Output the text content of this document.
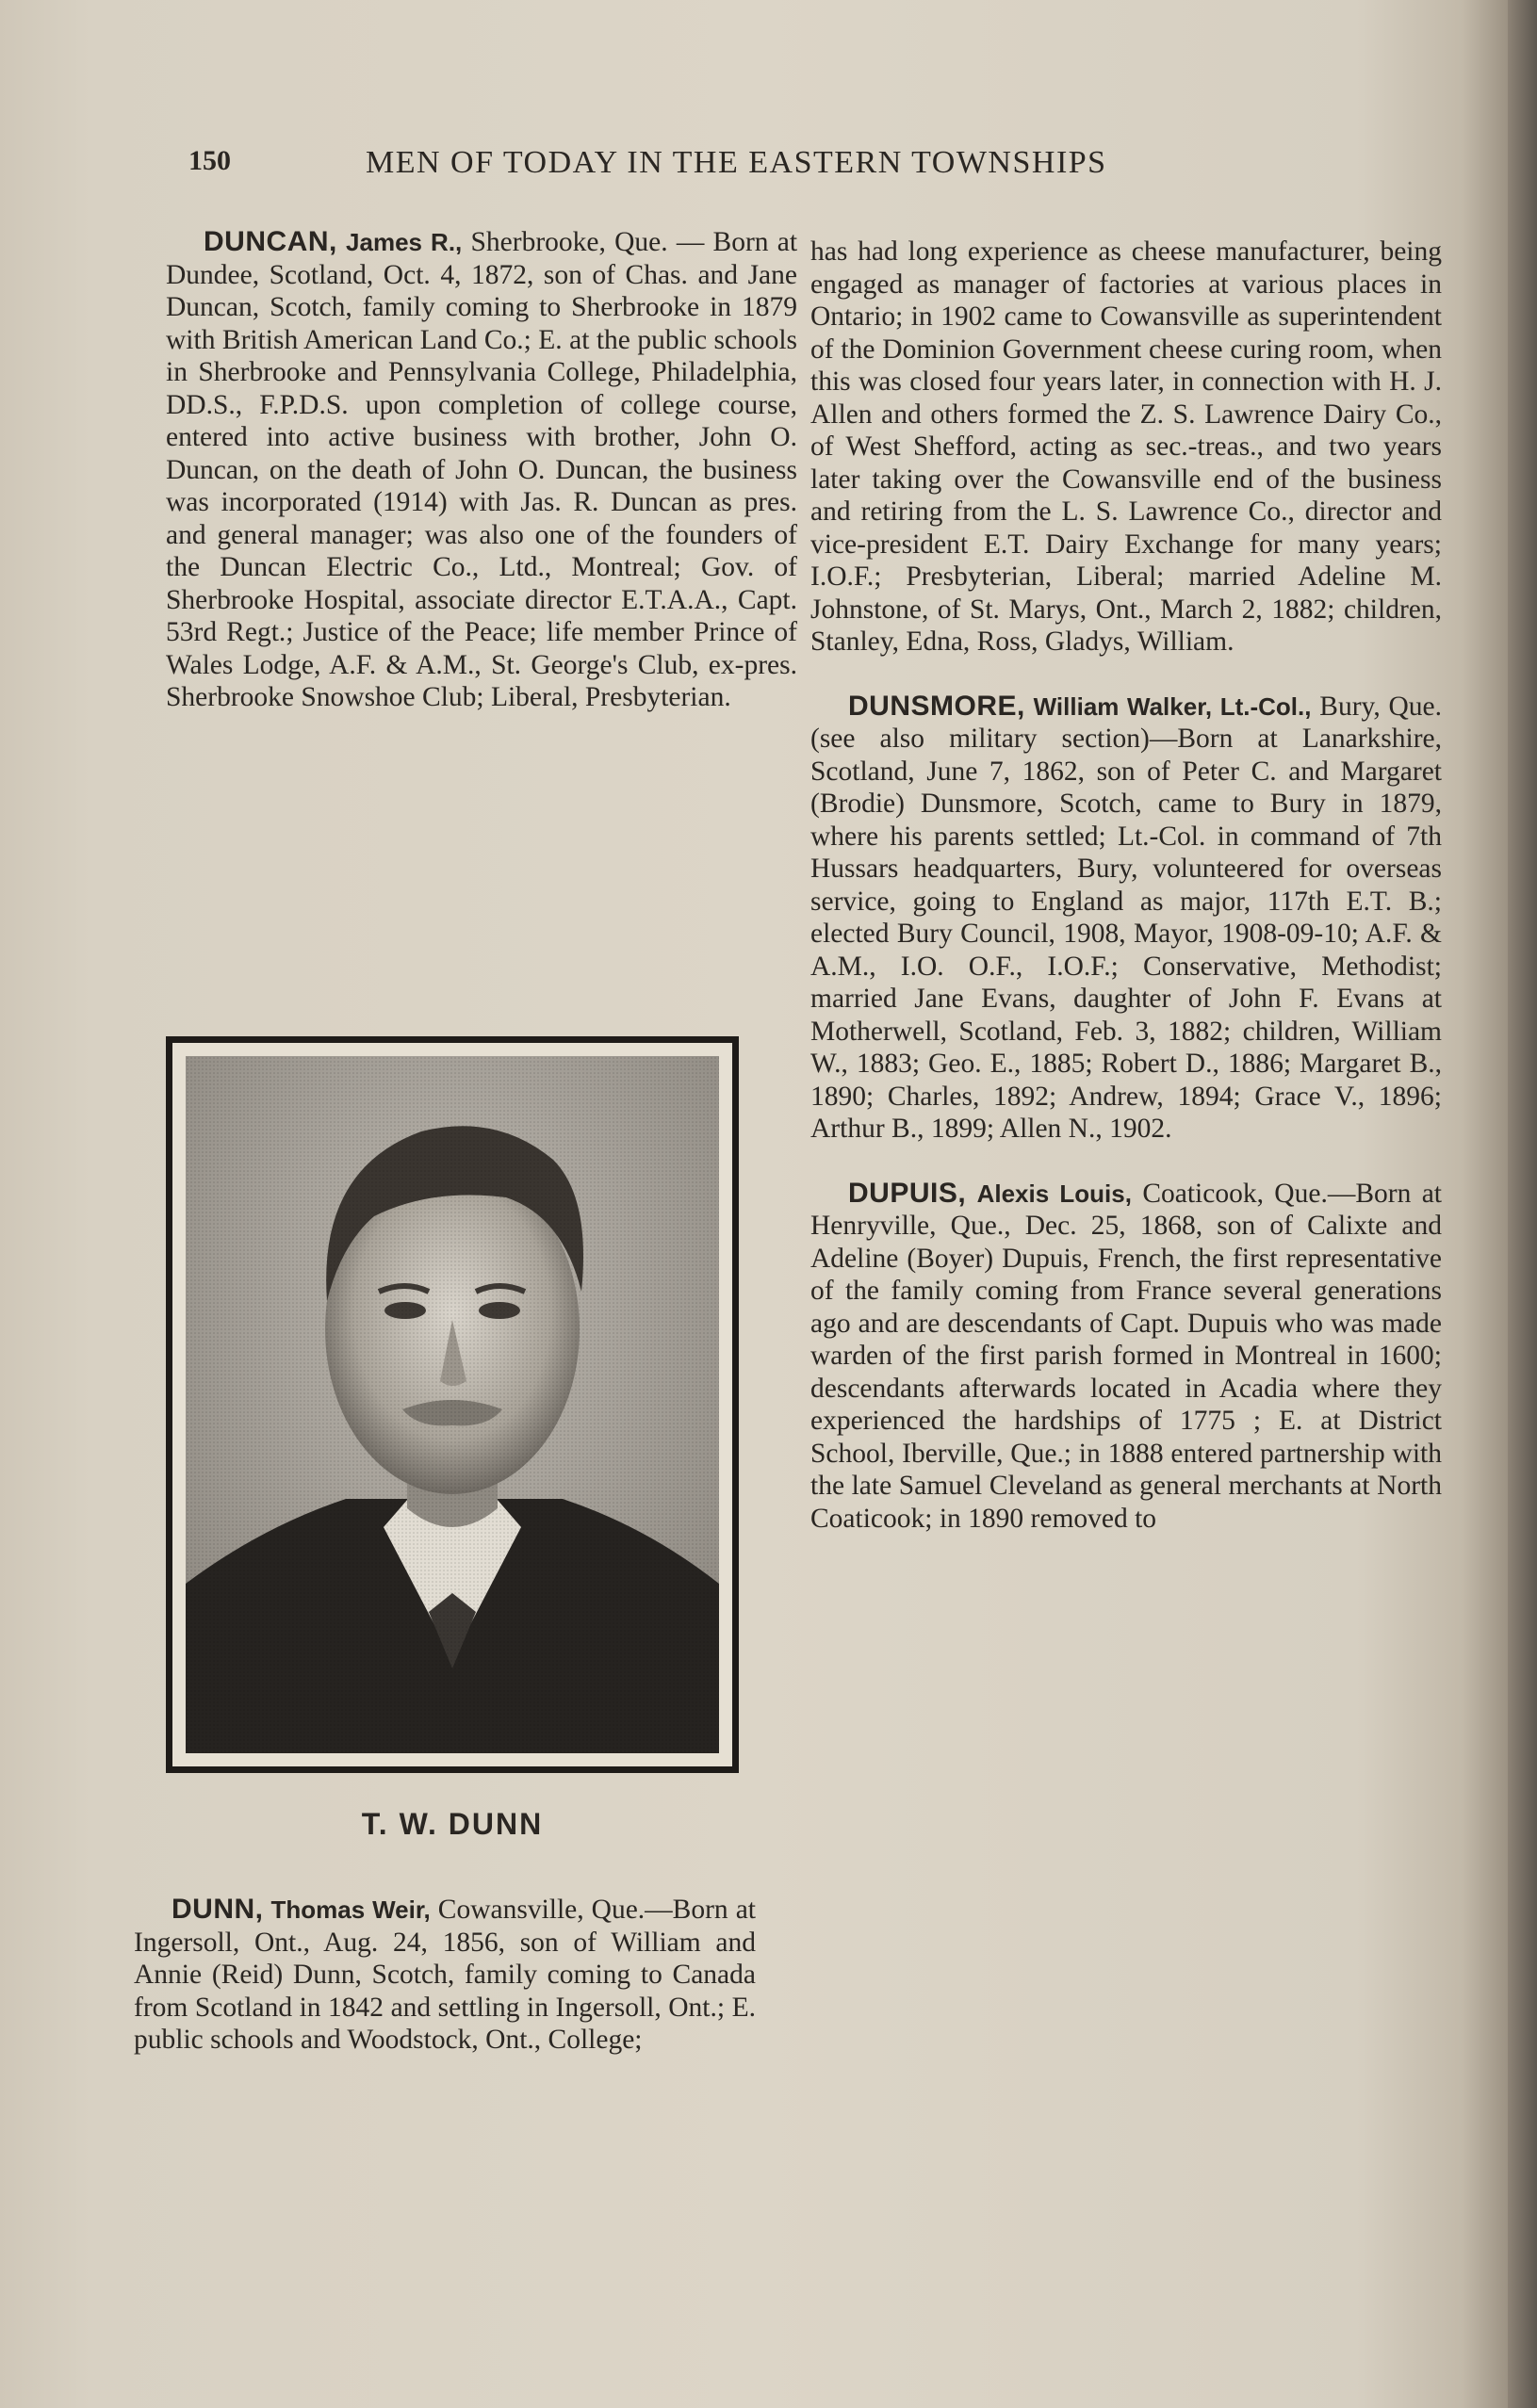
150	MEN OF TODAY IN THE EASTERN TOWNSHIPS

DUNCAN, James R., Sherbrooke, Que. — Born at Dundee, Scotland, Oct. 4, 1872, son of Chas. and Jane Duncan, Scotch, family coming to Sherbrooke in 1879 with British American Land Co.; E. at the public schools in Sherbrooke and Pennsylvania College, Philadelphia, DD.S., F.P.D.S. upon completion of college course, entered into active business with brother, John O. Duncan, on the death of John O. Duncan, the business was incorporated (1914) with Jas. R. Duncan as pres. and general manager; was also one of the founders of the Duncan Electric Co., Ltd., Montreal; Gov. of Sherbrooke Hospital, associate director E.T.A.A., Capt. 53rd Regt.; Justice of the Peace; life member Prince of Wales Lodge, A.F. & A.M., St. George's Club, ex-pres. Sherbrooke Snowshoe Club; Liberal, Presbyterian.

T. W. DUNN

DUNN, Thomas Weir, Cowansville, Que.—Born at Ingersoll, Ont., Aug. 24, 1856, son of William and Annie (Reid) Dunn, Scotch, family coming to Canada from Scotland in 1842 and settling in Ingersoll, Ont.; E. public schools and Woodstock, Ont., College;

has had long experience as cheese manufacturer, being engaged as manager of factories at various places in Ontario; in 1902 came to Cowansville as superintendent of the Dominion Government cheese curing room, when this was closed four years later, in connection with H. J. Allen and others formed the Z. S. Lawrence Dairy Co., of West Shefford, acting as sec.-treas., and two years later taking over the Cowansville end of the business and retiring from the L. S. Lawrence Co., director and vice-president E.T. Dairy Exchange for many years; I.O.F.; Presbyterian, Liberal; married Adeline M. Johnstone, of St. Marys, Ont., March 2, 1882; children, Stanley, Edna, Ross, Gladys, William.

DUNSMORE, William Walker, Lt.-Col., Bury, Que. (see also military section)—Born at Lanarkshire, Scotland, June 7, 1862, son of Peter C. and Margaret (Brodie) Dunsmore, Scotch, came to Bury in 1879, where his parents settled; Lt.-Col. in command of 7th Hussars headquarters, Bury, volunteered for overseas service, going to England as major, 117th E.T. B.; elected Bury Council, 1908, Mayor, 1908-09-10; A.F. & A.M., I.O. O.F., I.O.F.; Conservative, Methodist; married Jane Evans, daughter of John F. Evans at Motherwell, Scotland, Feb. 3, 1882; children, William W., 1883; Geo. E., 1885; Robert D., 1886; Margaret B., 1890; Charles, 1892; Andrew, 1894; Grace V., 1896; Arthur B., 1899; Allen N., 1902.

DUPUIS, Alexis Louis, Coaticook, Que.—Born at Henryville, Que., Dec. 25, 1868, son of Calixte and Adeline (Boyer) Dupuis, French, the first representative of the family coming from France several generations ago and are descendants of Capt. Dupuis who was made warden of the first parish formed in Montreal in 1600; descendants afterwards located in Acadia where they experienced the hardships of 1775 ; E. at District School, Iberville, Que.; in 1888 entered partnership with the late Samuel Cleveland as general merchants at North Coaticook; in 1890 removed to
